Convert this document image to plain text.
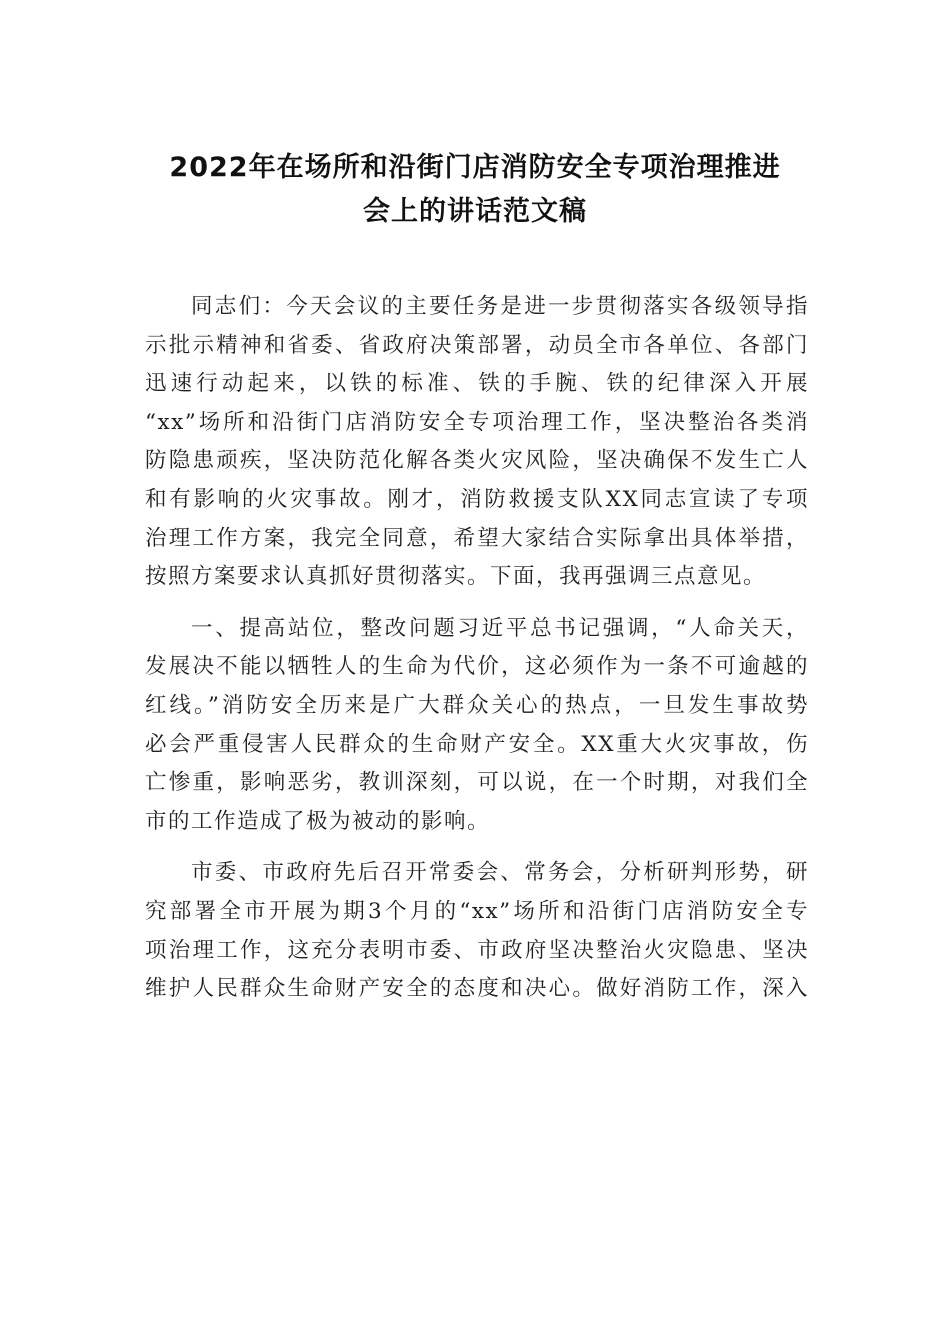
2022年在场所和沿街门店消防安全专项治理推进
会上的讲话范文稿

同志们：今天会议的主要任务是进一步贯彻落实各级领导指
示批示精神和省委、省政府决策部署，动员全市各单位、各部门
迅速行动起来，以铁的标准、铁的手腕、铁的纪律深入开展
“xx”场所和沿街门店消防安全专项治理工作，坚决整治各类消
防隐患顽疾，坚决防范化解各类火灾风险，坚决确保不发生亡人
和有影响的火灾事故。刚才，消防救援支队XX同志宣读了专项
治理工作方案，我完全同意，希望大家结合实际拿出具体举措，
按照方案要求认真抓好贯彻落实。下面，我再强调三点意见。

一、提高站位，整改问题习近平总书记强调，“人命关天，
发展决不能以牺牲人的生命为代价，这必须作为一条不可逾越的
红线。”消防安全历来是广大群众关心的热点，一旦发生事故势
必会严重侵害人民群众的生命财产安全。XX重大火灾事故，伤
亡惨重，影响恶劣，教训深刻，可以说，在一个时期，对我们全
市的工作造成了极为被动的影响。

市委、市政府先后召开常委会、常务会，分析研判形势，研
究部署全市开展为期3个月的“xx”场所和沿街门店消防安全专
项治理工作，这充分表明市委、市政府坚决整治火灾隐患、坚决
维护人民群众生命财产安全的态度和决心。做好消防工作，深入
